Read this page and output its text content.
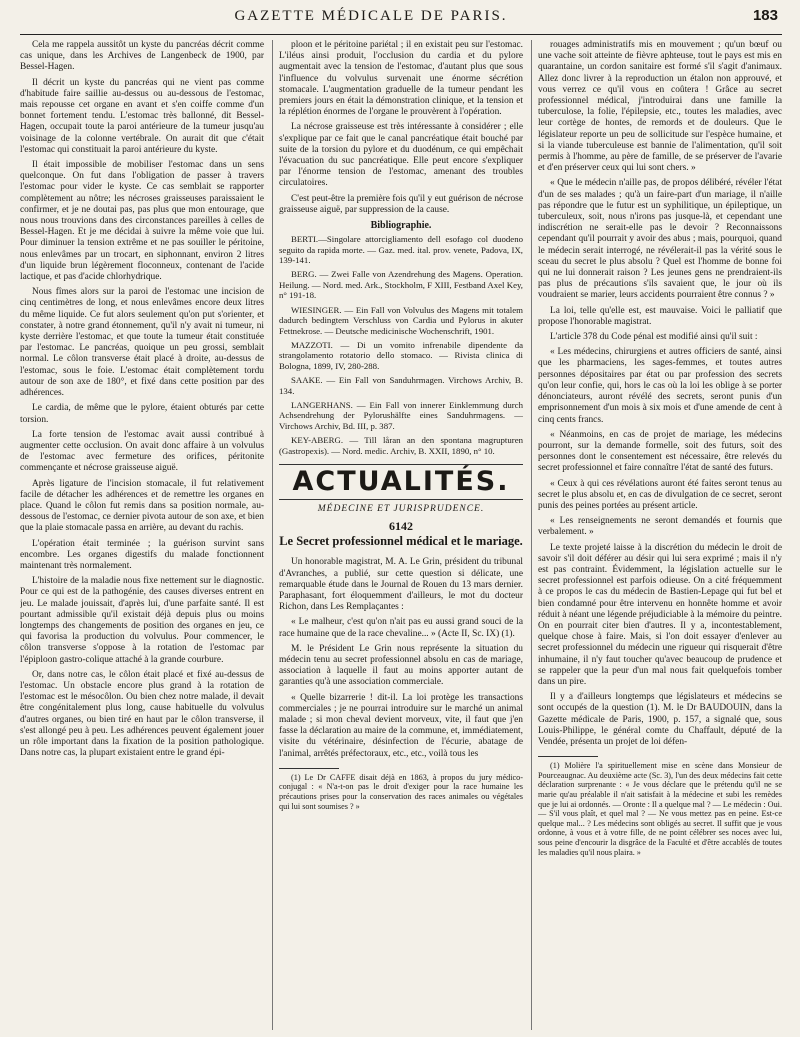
GAZETTE MÉDICALE DE PARIS.	183

Cela me rappela aussitôt un kyste du pancréas décrit comme cas unique, dans les Archives de Langenbeck de 1900, par Bessel-Hagen.

Il décrit un kyste du pancréas qui ne vient pas comme d'habitude faire saillie au-dessus ou au-dessous de l'estomac, mais repousse cet organe en avant et s'en coiffe comme d'un bonnet fortement tendu. L'estomac très ballonné, dit Bessel-Hagen, occupait toute la paroi antérieure de la tumeur jusqu'au voisinage de la colonne vertébrale. On aurait dit que c'était l'estomac qui constituait la paroi antérieure du kyste.

Il était impossible de mobiliser l'estomac dans un sens quelconque. On fut dans l'obligation de passer à travers l'estomac pour vider le kyste. Ce cas semblait se rapporter complètement au nôtre; les nécroses graisseuses paraissaient le confirmer, et je ne doutai pas, pas plus que mon entourage, que nous nous trouvions dans des circonstances pareilles à celles de Bessel-Hagen. Et je me décidai à suivre la même voie que lui. Pour diminuer la tension extrême et ne pas souiller le péritoine, nous enlevâmes par un trocart, en siphonnant, environ 2 litres d'un liquide brun légèrement floconneux, contenant de l'acide lactique, et pas d'acide chlorhydrique.

Nous fîmes alors sur la paroi de l'estomac une incision de cinq centimètres de long, et nous enlevâmes encore deux litres du même liquide. Ce fut alors seulement qu'on put s'orienter, et constater, à notre grand étonnement, qu'il n'y avait ni tumeur, ni kyste derrière l'estomac, et que toute la tumeur était constituée par l'estomac. Le pancréas, quoique un peu grossi, semblait normal. Le côlon transverse était placé à droite, au-dessus de l'estomac, sous le foie. L'estomac était complètement tordu autour de son axe de 180°, et fixé dans cette position par des adhérences.

Le cardia, de même que le pylore, étaient obturés par cette torsion.

La forte tension de l'estomac avait aussi contribué à augmenter cette occlusion. On avait donc affaire à un volvulus de l'estomac avec fermeture des orifices, péritonite commençante et nécrose graisseuse aiguë.

Après ligature de l'incision stomacale, il fut relativement facile de détacher les adhérences et de remettre les organes en place. Quand le côlon fut remis dans sa position normale, au-dessous de l'estomac, ce dernier pivota autour de son axe, et bien que la plaie stomacale passa en arrière, au devant du rachis.

L'opération était terminée ; la guérison survint sans encombre. Les organes digestifs du malade fonctionnent maintenant très normalement.

L'histoire de la maladie nous fixe nettement sur le diagnostic. Pour ce qui est de la pathogénie, des causes diverses entrent en jeu. Le malade jouissait, d'après lui, d'une parfaite santé. Il est pourtant admissible qu'il existait déjà depuis plus ou moins longtemps des changements de position des organes en jeu, ce qui favorisa la production du volvulus. Pour commencer, le côlon transverse s'oppose à la rotation de l'estomac par l'épiploon gastro-colique attaché à la grande courbure.

Or, dans notre cas, le côlon était placé et fixé au-dessus de l'estomac. Un obstacle encore plus grand à la rotation de l'estomac est le mésocôlon. Ou bien chez notre malade, il devait être congénitalement plus long, cause habituelle du volvulus d'autres organes, ou bien tiré en haut par le côlon transverse, il s'est allongé peu à peu. Les adhérences peuvent également jouer un rôle important dans la fixation de la position pathologique. Dans notre cas, la plupart existaient entre le grand épi-

ploon et le péritoine pariétal ; il en existait peu sur l'estomac. L'iléus ainsi produit, l'occlusion du cardia et du pylore augmentait avec la tension de l'estomac, d'autant plus que sous l'influence du volvulus survenait une énorme sécrétion stomacale. L'augmentation graduelle de la tumeur pendant les premiers jours en était la démonstration clinique, et la tension et la réplétion énormes de l'organe le prouvèrent à l'opération.

La nécrose graisseuse est très intéressante à considérer ; elle s'explique par ce fait que le canal pancréatique était bouché par suite de la torsion du pylore et du duodénum, ce qui empêchait l'évacuation du suc pancréatique. Elle peut encore s'expliquer par l'énorme tension de l'estomac, amenant des troubles circulatoires.

C'est peut-être la première fois qu'il y eut guérison de nécrose graisseuse aiguë, par suppression de la cause.

Bibliographie.

BERTI.—Singolare attorcigliamento dell esofago col duodeno seguito da rapida morte. — Gaz. med. ital. prov. venete, Padova, IX, 139-141.

BERG. — Zwei Falle von Azendrehung des Magens. Operation. Heilung. — Nord. med. Ark., Stockholm, F XIII, Festband Axel Key, n° 191-18.

WIESINGER. — Ein Fall von Volvulus des Magens mit totalem dadurch bedingtem Verschluss von Cardia und Pylorus in akuter Fettnekrose. — Deutsche medicinische Wochenschrift, 1901.

MAZZOTI. — Di un vomito infrenabile dipendente da strangolamento rotatorio dello stomaco. — Rivista clinica di Bologna, 1899, IV, 280-288.

SAAKE. — Ein Fall von Sanduhrmagen. Virchows Archiv, B. 134.

LANGERHANS. — Ein Fall von innerer Einklemmung durch Achsendrehung der Pylorushälfte eines Sanduhrmagens. — Virchows Archiv, Bd. III, p. 387.

KEY-ABERG. — Till låran an den spontana magrupturen (Gastropexis). — Nord. medic. Archiv, B. XXII, 1890, n° 10.

ACTUALITÉS.
MÉDECINE ET JURISPRUDENCE.
6142
Le Secret professionnel médical et le mariage.

Un honorable magistrat, M. A. Le Grin, président du tribunal d'Avranches, a publié, sur cette question si délicate, une remarquable étude dans le Journal de Rouen du 13 mars dernier. Paraphasant, fort éloquemment d'ailleurs, le mot du docteur Richon, dans Les Remplaçantes :

« Le malheur, c'est qu'on n'ait pas eu aussi grand souci de la race humaine que de la race chevaline... » (Acte II, Sc. IX) (1).

M. le Président Le Grin nous représente la situation du médecin tenu au secret professionnel absolu en cas de mariage, association à laquelle il faut au moins apporter autant de garanties qu'à une association commerciale.

« Quelle bizarrerie ! dit-il. La loi protège les transactions commerciales ; je ne pourrai introduire sur le marché un animal malade ; si mon cheval devient morveux, vite, il faut que j'en fasse la déclaration au maire de la commune, et, immédiatement, visite du vétérinaire, désinfection de l'écurie, abatage de l'animal, arrêtés préfectoraux, etc., etc., voilà tous les

(1) Le Dr CAFFE disait déjà en 1863, à propos du jury médico-conjugal : « N'a-t-on pas le droit d'exiger pour la race humaine les précautions prises pour la conservation des races animales ou végétales qui lui sont soumises ? »

rouages administratifs mis en mouvement ; qu'un bœuf ou une vache soit atteinte de fièvre aphteuse, tout le pays est mis en quarantaine, un cordon sanitaire est formé s'il s'agit d'animaux. Allez donc livrer à la reproduction un étalon non approuvé, et vous verrez ce qu'il vous en coûtera ! Grâce au secret professionnel médical, j'introduirai dans une famille la tuberculose, la folie, l'épilepsie, etc., toutes les maladies, avec leur cortège de hontes, de remords et de douleurs. Que le législateur reporte un peu de sollicitude sur l'espèce humaine, et si la viande tuberculeuse est bannie de l'alimentation, qu'il soit permis à l'homme, au père de famille, de se préserver de l'avarie et d'en préserver ceux qui lui sont chers. »

« Que le médecin n'aille pas, de propos délibéré, révéler l'état d'un de ses malades ; qu'à un faire-part d'un mariage, il n'aille pas répondre que le futur est un syphilitique, un épileptique, un tuberculeux, soit, nous n'irons pas jusque-là, et cependant une indiscrétion ne serait-elle pas le devoir ? Reconnaissons cependant qu'il pourrait y avoir des abus ; mais, pourquoi, quand le médecin serait interrogé, ne révélerait-il pas la vérité sous le sceau du secret le plus absolu ? Quel est l'homme de bonne foi qui ne lui donnerait raison ? Les jeunes gens ne prendraient-ils pas plus de précautions s'ils savaient que, le jour où ils voudraient se marier, leurs accidents pourraient être connus ? »

La loi, telle qu'elle est, est mauvaise. Voici le palliatif que propose l'honorable magistrat.

L'article 378 du Code pénal est modifié ainsi qu'il suit :

« Les médecins, chirurgiens et autres officiers de santé, ainsi que les pharmaciens, les sages-femmes, et toutes autres personnes dépositaires par état ou par profession des secrets qu'on leur confie, qui, hors le cas où la loi les oblige à se porter dénonciateurs, auront révélé des secrets, seront punis d'un emprisonnement d'un mois à six mois et d'une amende de cent à cinq cents francs.

« Néanmoins, en cas de projet de mariage, les médecins pourront, sur la demande formelle, soit des futurs, soit des personnes dont le consentement est nécessaire, être relevés du secret professionnel et faire connaître l'état de santé des futurs.

« Ceux à qui ces révélations auront été faites seront tenus au secret le plus absolu et, en cas de divulgation de ce secret, seront punis des peines portées au présent article.

« Les renseignements ne seront demandés et fournis que verbalement. »

Le texte projeté laisse à la discrétion du médecin le droit de savoir s'il doit déférer au désir qui lui sera exprimé ; mais il n'y est pas contraint. Évidemment, la législation actuelle sur le secret professionnel est parfois odieuse. On a cité fréquemment à ce propos le cas du médecin de Bastien-Lepage qui fut bel et bien condamné pour être intervenu en honnête homme et avoir réduit à néant une légende préjudiciable à la mémoire du peintre. On en pourrait citer bien d'autres. Il y a, incontestablement, quelque chose à faire. Mais, si l'on doit essayer d'enlever au secret professionnel du médecin une rigueur qui risquerait d'être inhumaine, il n'y faut toucher qu'avec beaucoup de prudence et se rappeler que la peur d'un mal nous fait quelquefois tomber dans un pire.

Il y a d'ailleurs longtemps que législateurs et médecins se sont occupés de la question (1). M. le Dr BAUDOUIN, dans la Gazette médicale de Paris, 1900, p. 157, a signalé que, sous Louis-Philippe, le général comte du Chaffault, député de la Vendée, présenta un projet de loi défen-

(1) Molière l'a spirituellement mise en scène dans Monsieur de Pourceaugnac. Au deuxième acte (Sc. 3), l'un des deux médecins fait cette déclaration surprenante : « Je vous déclare que le prétendu qu'il ne se marie qu'au préalable il n'ait satisfait à la médecine et subi les remèdes que je lui ai ordonnés. — Oronte : Il a quelque mal ? — Le médecin : Oui. — S'il vous plaît, et quel mal ? — Ne vous mettez pas en peine. Est-ce quelque mal... ? Les médecins sont obligés au secret. Il suffit que je vous ordonne, à vous et à votre fille, de ne point célébrer ses noces avec lui, sous peine d'encourir la disgrâce de la Faculté et d'être accablés de toutes les maladies qu'il nous plaira. »
